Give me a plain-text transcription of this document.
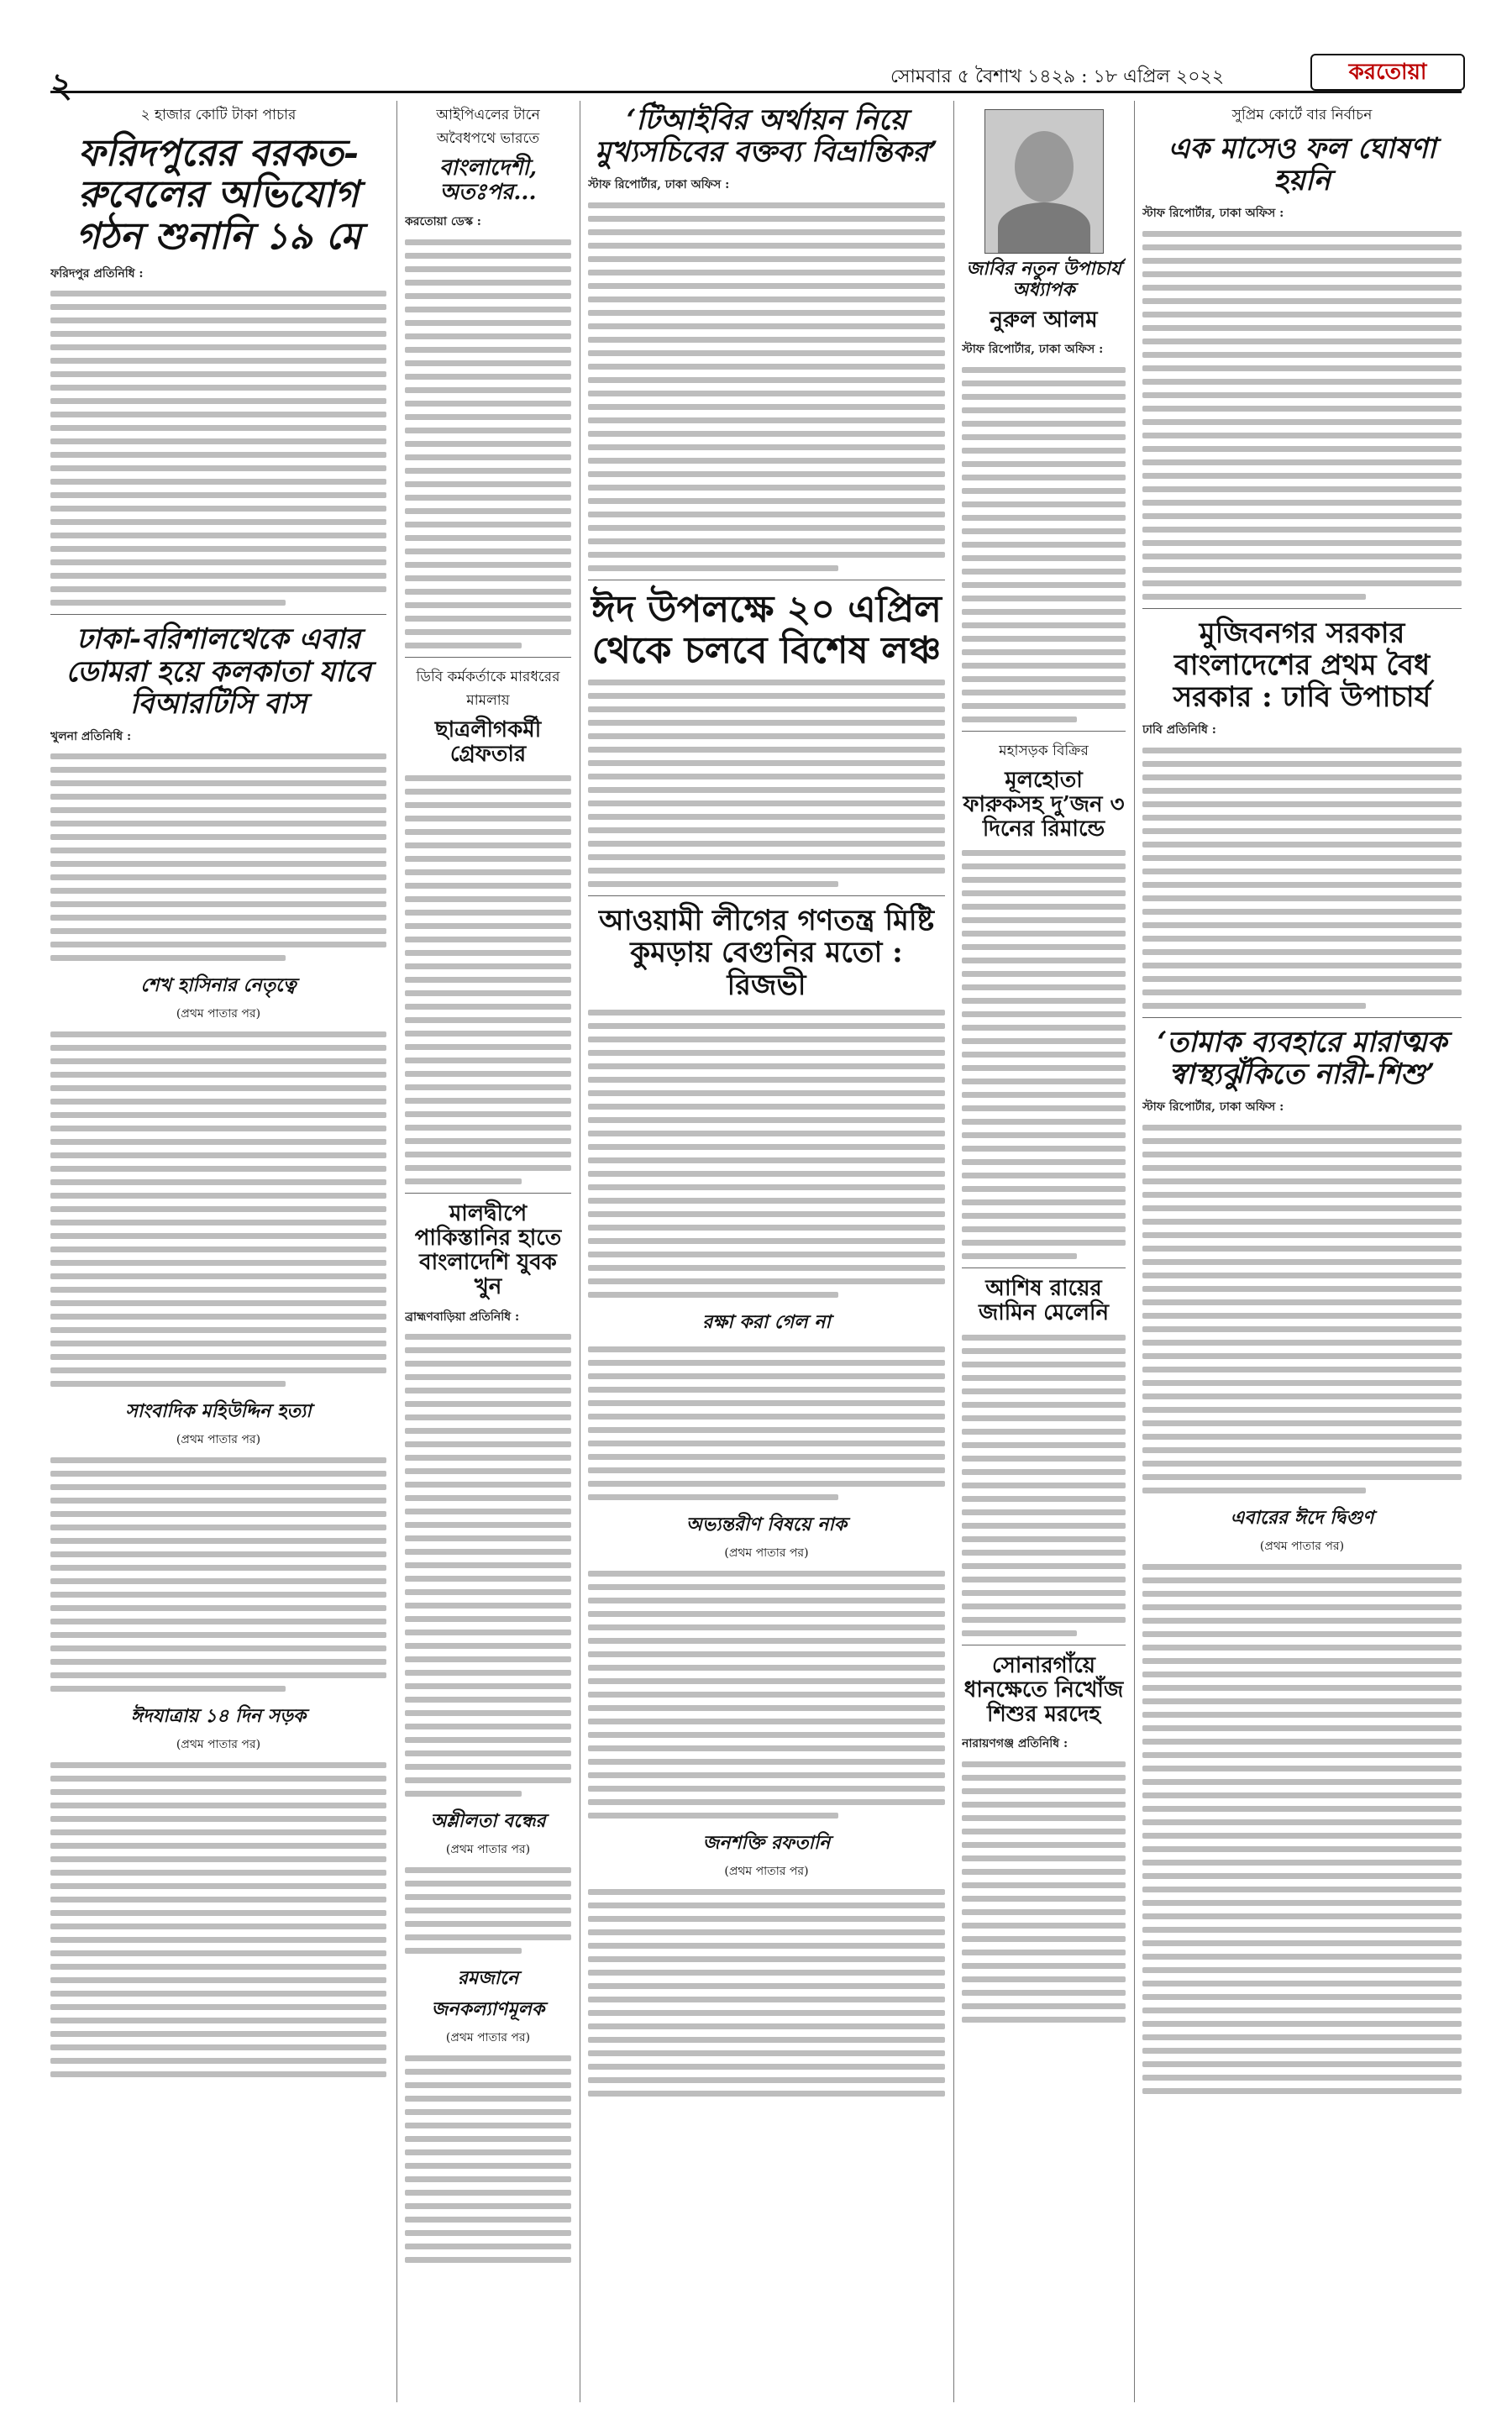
২	সোমবার ৫ বৈশাখ ১৪২৯ : ১৮ এপ্রিল ২০২২	করতোয়া
২ হাজার কোটি টাকা পাচার
ফরিদপুরের বরকত-রুবেলের অভিযোগ গঠন শুনানি ১৯ মে
ফরিদপুর প্রতিনিধি :
ঢাকা-বরিশালথেকে এবার ডোমরা হয়ে কলকাতা যাবে বিআরটিসি বাস
খুলনা প্রতিনিধি :
শেখ হাসিনার নেতৃত্বে
(প্রথম পাতার পর)
সাংবাদিক মহিউদ্দিন হত্যা
(প্রথম পাতার পর)
ঈদযাত্রায় ১৪ দিন সড়ক
(প্রথম পাতার পর)
আইপিএলের টানে অবৈধপথে ভারতে
বাংলাদেশী, অতঃপর...
করতোয়া ডেস্ক :
ডিবি কর্মকর্তাকে মারধরের মামলায়
ছাত্রলীগকর্মী গ্রেফতার
মালদ্বীপে পাকিস্তানির হাতে বাংলাদেশি যুবক খুন
ব্রাহ্মণবাড়িয়া প্রতিনিধি :
অশ্লীলতা বন্ধের
(প্রথম পাতার পর)
রমজানে জনকল্যাণমূলক
(প্রথম পাতার পর)
‘টিআইবির অর্থায়ন নিয়ে মুখ্যসচিবের বক্তব্য বিভ্রান্তিকর’
স্টাফ রিপোর্টার, ঢাকা অফিস :
ঈদ উপলক্ষে ২০ এপ্রিল থেকে চলবে বিশেষ লঞ্চ
আওয়ামী লীগের গণতন্ত্র মিষ্টি কুমড়ায় বেগুনির মতো : রিজভী
রক্ষা করা গেল না
অভ্যন্তরীণ বিষয়ে নাক
(প্রথম পাতার পর)
জনশক্তি রফতানি
(প্রথম পাতার পর)
জাবির নতুন উপাচার্য অধ্যাপক
নুরুল আলম
স্টাফ রিপোর্টার, ঢাকা অফিস :
মহাসড়ক বিক্রির
মূলহোতা ফারুকসহ দু’জন ৩ দিনের রিমান্ডে
আশিষ রায়ের জামিন মেলেনি
সোনারগাঁয়ে ধানক্ষেতে নিখোঁজ শিশুর মরদেহ
নারায়ণগঞ্জ প্রতিনিধি :
সুপ্রিম কোর্টে বার নির্বাচন
এক মাসেও ফল ঘোষণা হয়নি
স্টাফ রিপোর্টার, ঢাকা অফিস :
মুজিবনগর সরকার বাংলাদেশের প্রথম বৈধ সরকার : ঢাবি উপাচার্য
ঢাবি প্রতিনিধি :
‘তামাক ব্যবহারে মারাত্মক স্বাস্থ্যঝুঁকিতে নারী-শিশু’
স্টাফ রিপোর্টার, ঢাকা অফিস :
এবারের ঈদে দ্বিগুণ
(প্রথম পাতার পর)
